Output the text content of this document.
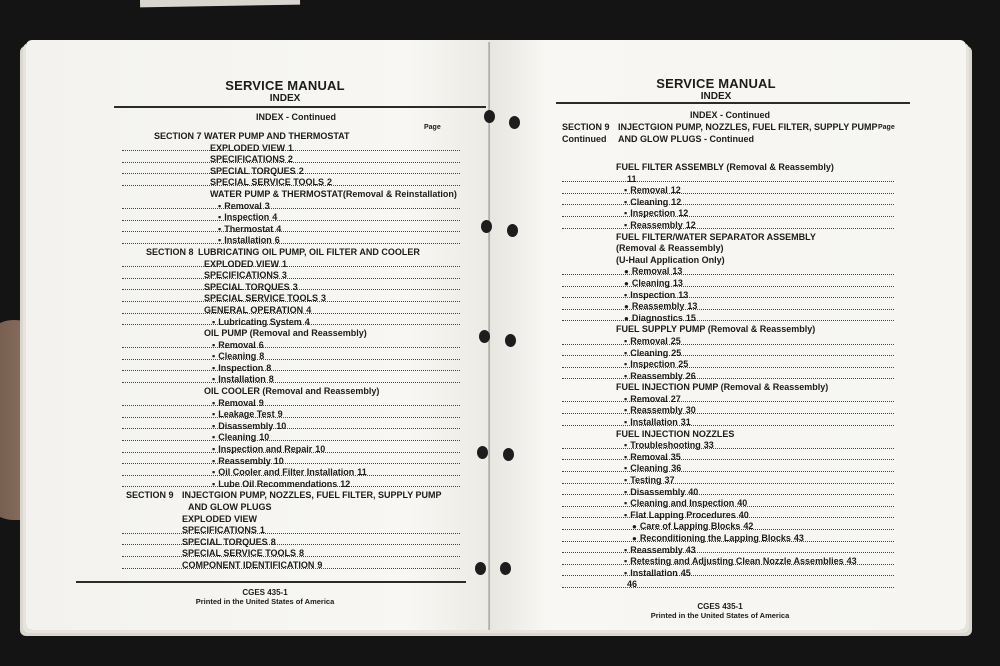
SERVICE MANUAL
INDEX
INDEX - Continued
Page
SECTION 7 WATER PUMP AND THERMOSTAT
EXPLODED VIEW 1
SPECIFICATIONS 2
SPECIAL TORQUES 2
SPECIAL SERVICE TOOLS 2
WATER PUMP & THERMOSTAT(Removal & Reinstallation)
▪ Removal 3
▪ Inspection 4
▪ Thermostat 4
▪ Installation 6
SECTION 8 LUBRICATING OIL PUMP, OIL FILTER AND COOLER
EXPLODED VIEW 1
SPECIFICATIONS 3
SPECIAL TORQUES 3
SPECIAL SERVICE TOOLS 3
GENERAL OPERATION 4
▪ Lubricating System 4
OIL PUMP (Removal and Reassembly)
▪ Removal 6
▪ Cleaning 8
▪ Inspection 8
▪ Installation 8
OIL COOLER (Removal and Reassembly)
▪ Removal 9
▪ Leakage Test 9
▪ Disassembly 10
▪ Cleaning 10
▪ Inspection and Repair 10
▪ Reassembly 10
▪ Oil Cooler and Filter Installation 11
▪ Lube Oil Recommendations 12
SECTION 9 INJECTGION PUMP, NOZZLES, FUEL FILTER, SUPPLY PUMP
AND GLOW PLUGS
EXPLODED VIEW
SPECIFICATIONS 1
SPECIAL TORQUES 8
SPECIAL SERVICE TOOLS 8
COMPONENT IDENTIFICATION 9
CGES 435-1
Printed in the United States of America
SERVICE MANUAL
INDEX
INDEX - Continued
Page
SECTION 9
Continued
INJECTGION PUMP, NOZZLES, FUEL FILTER, SUPPLY PUMP
AND GLOW PLUGS - Continued
FUEL FILTER ASSEMBLY (Removal & Reassembly)
11
▪ Removal 12
▪ Cleaning 12
▪ Inspection 12
▪ Reassembly 12
FUEL FILTER/WATER SEPARATOR ASSEMBLY
(Removal & Reassembly)
(U-Haul Application Only)
● Removal 13
● Cleaning 13
▪ Inspection 13
● Reassembly 13
● Diagnostics 15
FUEL SUPPLY PUMP (Removal & Reassembly)
▪ Removal 25
▪ Cleaning 25
▪ Inspection 25
▪ Reassembly 26
FUEL INJECTION PUMP (Removal & Reassembly)
▪ Removal 27
▪ Reassembly 30
▪ Installation 31
FUEL INJECTION NOZZLES
▪ Troubleshooting 33
▪ Removal 35
▪ Cleaning 36
▪ Testing 37
▪ Disassembly 40
▪ Cleaning and Inspection 40
▪ Flat Lapping Procedures 40
● Care of Lapping Blocks 42
● Reconditioning the Lapping Blocks 43
▪ Reassembly 43
▪ Retesting and Adjusting Clean Nozzle Assemblies 43
▪ Installation 45
46
CGES 435-1
Printed in the United States of America
